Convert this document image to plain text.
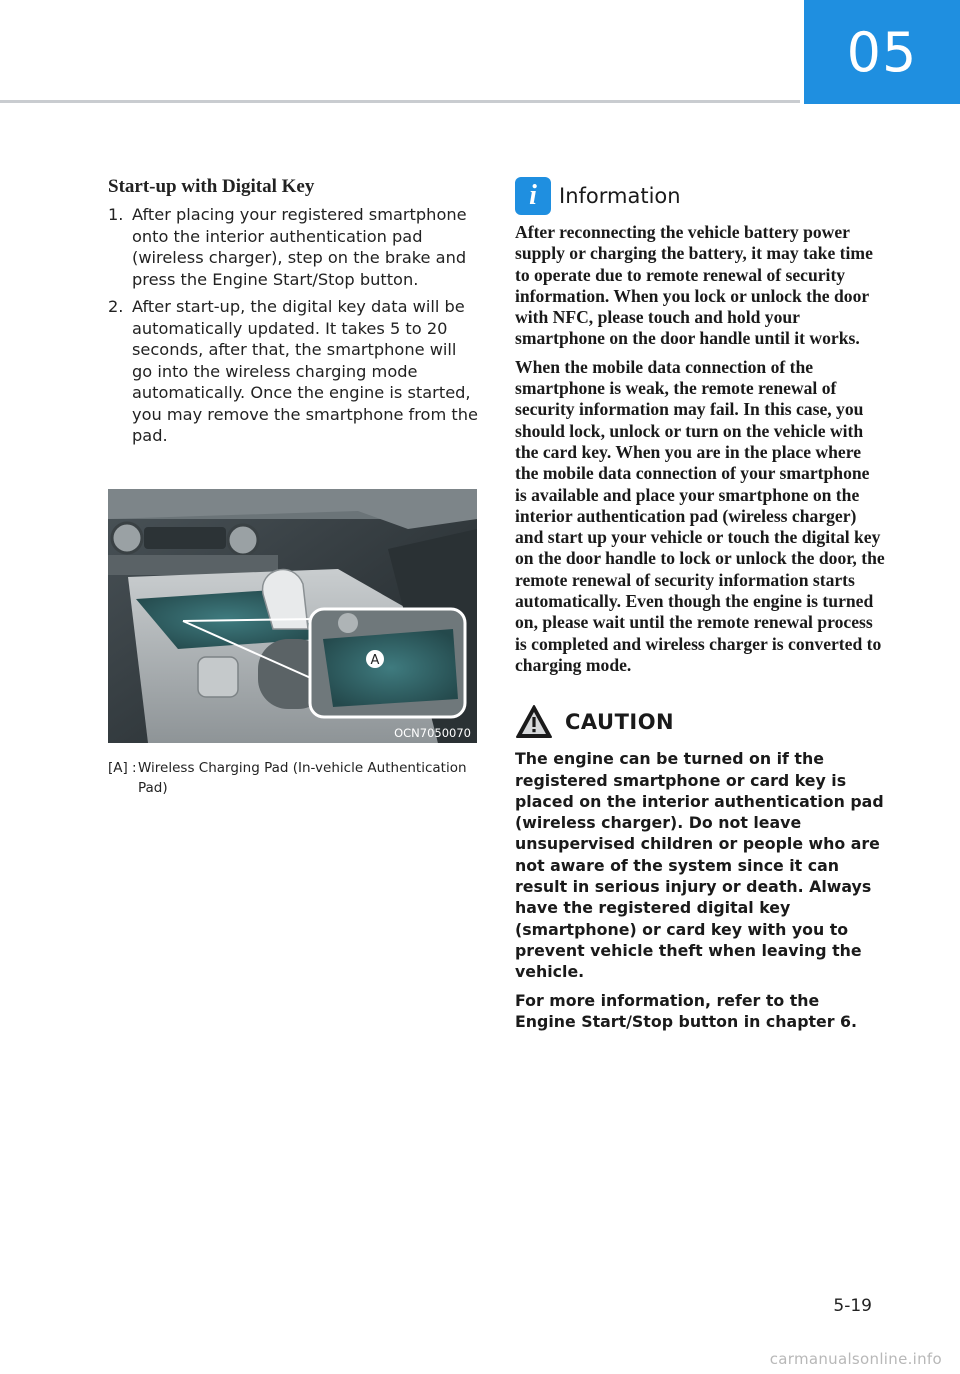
05
Start-up with Digital Key
1. After placing your registered smartphone onto the interior authentication pad (wireless charger), step on the brake and press the Engine Start/Stop button.
2. After start-up, the digital key data will be automatically updated. It takes 5 to 20 seconds, after that, the smartphone will go into the wireless charging mode automatically. Once the engine is started, you may remove the smartphone from the pad.
A
OCN7050070
[A] :Wireless Charging Pad (In-vehicle Authentication
Pad)
i	Information

After reconnecting the vehicle battery power supply or charging the battery, it may take time to operate due to remote renewal of security information. When you lock or unlock the door with NFC, please touch and hold your smartphone on the door handle until it works.

When the mobile data connection of the smartphone is weak, the remote renewal of security information may fail. In this case, you should lock, unlock or turn on the vehicle with the card key. When you are in the place where the mobile data connection of your smartphone is available and place your smartphone on the interior authentication pad (wireless charger) and start up your vehicle or touch the digital key on the door handle to lock or unlock the door, the remote renewal of security information starts automatically. Even though the engine is turned on, please wait until the remote renewal process is completed and wireless charger is converted to charging mode.

CAUTION

The engine can be turned on if the registered smartphone or card key is placed on the interior authentication pad (wireless charger). Do not leave unsupervised children or people who are not aware of the system since it can result in serious injury or death. Always have the registered digital key (smartphone) or card key with you to prevent vehicle theft when leaving the vehicle.

For more information, refer to the Engine Start/Stop button in chapter 6.

5-19
carmanualsonline.info
